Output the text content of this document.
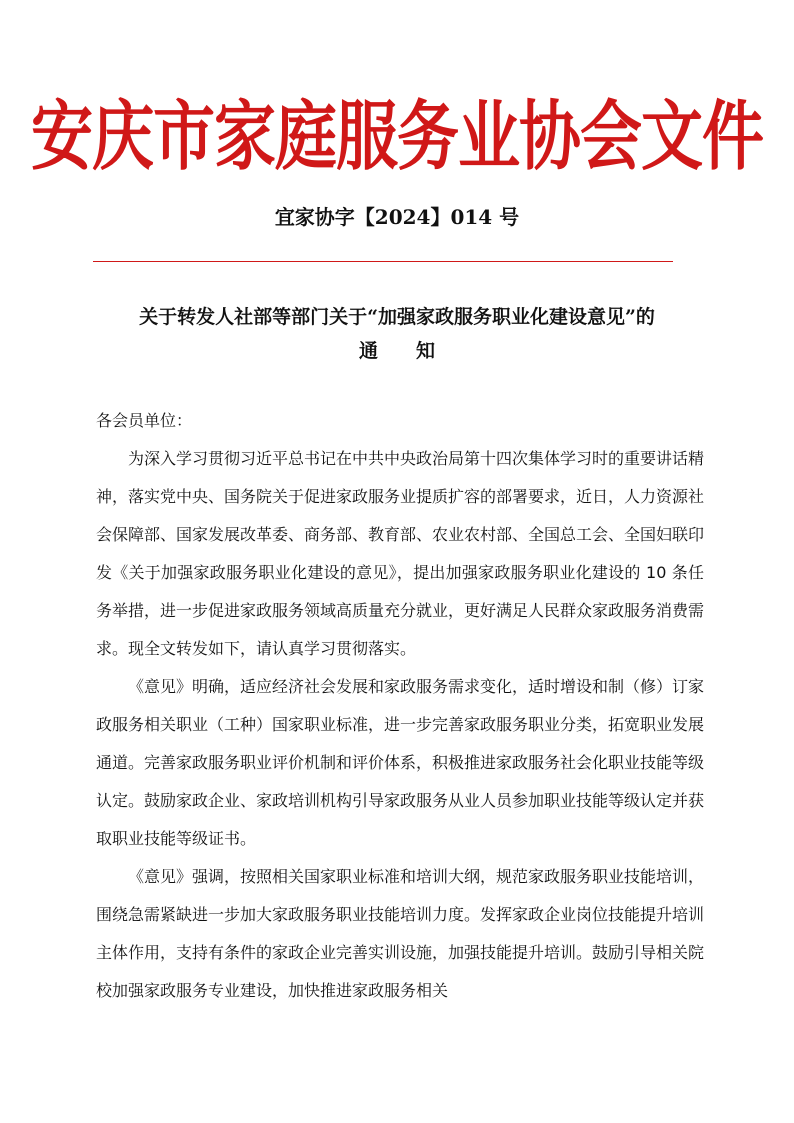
安庆市家庭服务业协会文件
宜家协字【2024】014 号
关于转发人社部等部门关于“加强家政服务职业化建设意见”的
通知

各会员单位：

为深入学习贯彻习近平总书记在中共中央政治局第十四次集体学习时的重要讲话精神，落实党中央、国务院关于促进家政服务业提质扩容的部署要求，近日，人力资源社会保障部、国家发展改革委、商务部、教育部、农业农村部、全国总工会、全国妇联印发《关于加强家政服务职业化建设的意见》，提出加强家政服务职业化建设的 10 条任务举措，进一步促进家政服务领域高质量充分就业，更好满足人民群众家政服务消费需求。现全文转发如下，请认真学习贯彻落实。

《意见》明确，适应经济社会发展和家政服务需求变化，适时增设和制（修）订家政服务相关职业（工种）国家职业标准，进一步完善家政服务职业分类，拓宽职业发展通道。完善家政服务职业评价机制和评价体系，积极推进家政服务社会化职业技能等级认定。鼓励家政企业、家政培训机构引导家政服务从业人员参加职业技能等级认定并获取职业技能等级证书。

《意见》强调，按照相关国家职业标准和培训大纲，规范家政服务职业技能培训，围绕急需紧缺进一步加大家政服务职业技能培训力度。发挥家政企业岗位技能提升培训主体作用，支持有条件的家政企业完善实训设施，加强技能提升培训。鼓励引导相关院校加强家政服务专业建设，加快推进家政服务相关
